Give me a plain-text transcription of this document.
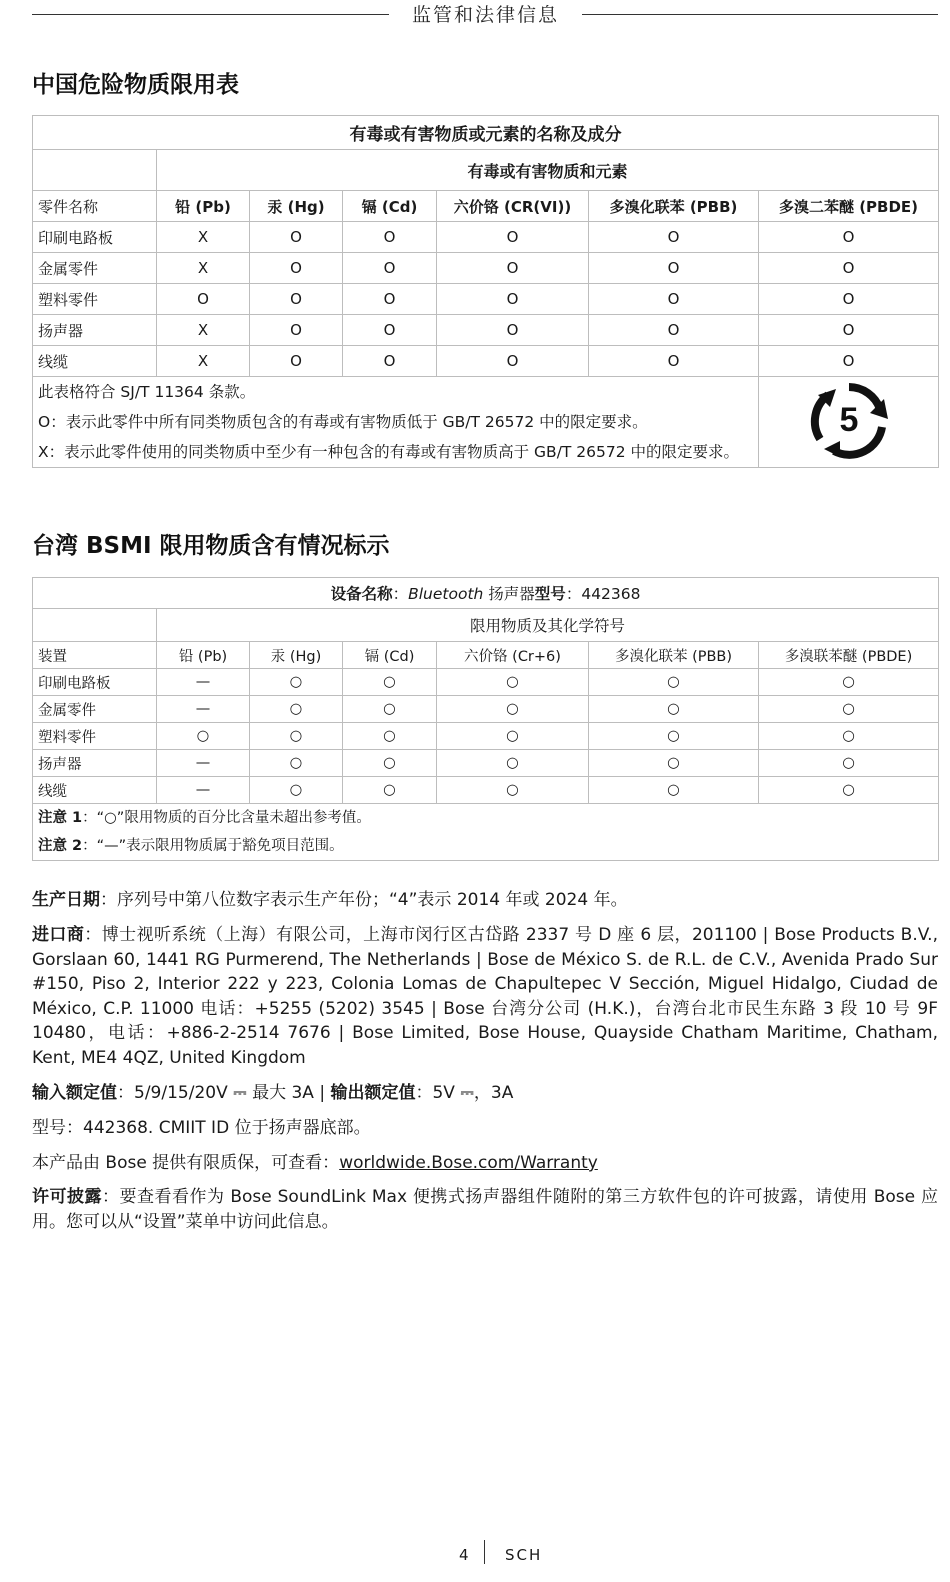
监管和法律信息
中国危险物质限用表
有毒或有害物质或元素的名称及成分						
	有毒或有害物质和元素					
零件名称	铅 (Pb)	汞 (Hg)	镉 (Cd)	六价铬 (CR(VI))	多溴化联苯 (PBB)	多溴二苯醚 (PBDE)
印刷电路板	X	O	O	O	O	O
金属零件	X	O	O	O	O	O
塑料零件	O	O	O	O	O	O
扬声器	X	O	O	O	O	O
线缆	X	O	O	O	O	O

此表格符合 SJ/T 11364 条款。
O：表示此零件中所有同类物质包含的有毒或有害物质低于 GB/T 26572 中的限定要求。
X：表示此零件使用的同类物质中至少有一种包含的有毒或有害物质高于 GB/T 26572 中的限定要求。						5
台湾 BSMI 限用物质含有情况标示
设备名称：Bluetooth 扬声器型号：442368						
	限用物质及其化学符号					
装置	铅 (Pb)	汞 (Hg)	镉 (Cd)	六价铬 (Cr+6)	多溴化联苯 (PBB)	多溴联苯醚 (PBDE)
印刷电路板	—	○	○	○	○	○
金属零件	—	○	○	○	○	○
塑料零件	○	○	○	○	○	○
扬声器	—	○	○	○	○	○
线缆	—	○	○	○	○	○

注意 1：“○”限用物质的百分比含量未超出参考值。
注意 2：“—”表示限用物质属于豁免项目范围。						
生产日期：序列号中第八位数字表示生产年份；“4”表示 2014 年或 2024 年。
进口商：博士视听系统（上海）有限公司，上海市闵行区古岱路 2337 号 D 座 6 层，201100 | Bose Products B.V., Gorslaan 60, 1441 RG Purmerend, The Netherlands | Bose de México S. de R.L. de C.V., Avenida Prado Sur #150, Piso 2, Interior 222 y 223, Colonia Lomas de Chapultepec V Sección, Miguel Hidalgo, Ciudad de México, C.P. 11000 电话：+5255 (5202) 3545 | Bose 台湾分公司 (H.K.)，台湾台北市民生东路 3 段 10 号 9F 10480，电话：+886-2-2514 7676 | Bose Limited, Bose House, Quayside Chatham Maritime, Chatham, Kent, ME4 4QZ, United Kingdom
输入额定值：5/9/15/20V ⎓ 最大 3A | 输出额定值：5V ⎓，3A
型号：442368. CMIIT ID 位于扬声器底部。
本产品由 Bose 提供有限质保，可查看：worldwide.Bose.com/Warranty
许可披露：要查看看作为 Bose SoundLink Max 便携式扬声器组件随附的第三方软件包的许可披露，请使用 Bose 应用。您可以从“设置”菜单中访问此信息。
4 SCH
